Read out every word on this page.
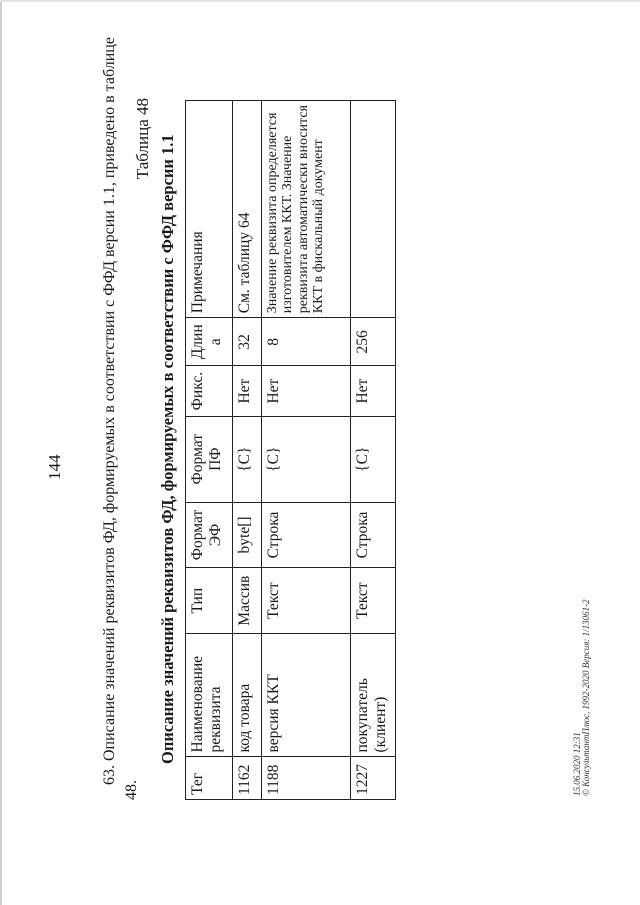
144 63. Описание значений реквизитов ФД, формируемых в соответствии с ФФД версии 1.1, приведено в таблице
48.
Таблица 48 Описание значений реквизитов ФД, формируемых в соответствии с ФФД версии 1.1
Тег	Наименование реквизита	Тип	Формат ЭФ	Формат ПФ	Фикс.	Длин а	Примечания
1162	код товара	Массив	byte[]	{С}	Нет	32	См. таблицу 64
1188	версия ККТ	Текст	Строка	{С}	Нет	8	Значение реквизита определяется изготовителем ККТ. Значение реквизита автоматически вносится ККТ в фискальный документ
1227	покупатель (клиент)	Текст	Строка	{С}	Нет	256	
15.06.2020 12:31 © КонсультантПлюс, 1992-2020 Версия: 1/13061-2
